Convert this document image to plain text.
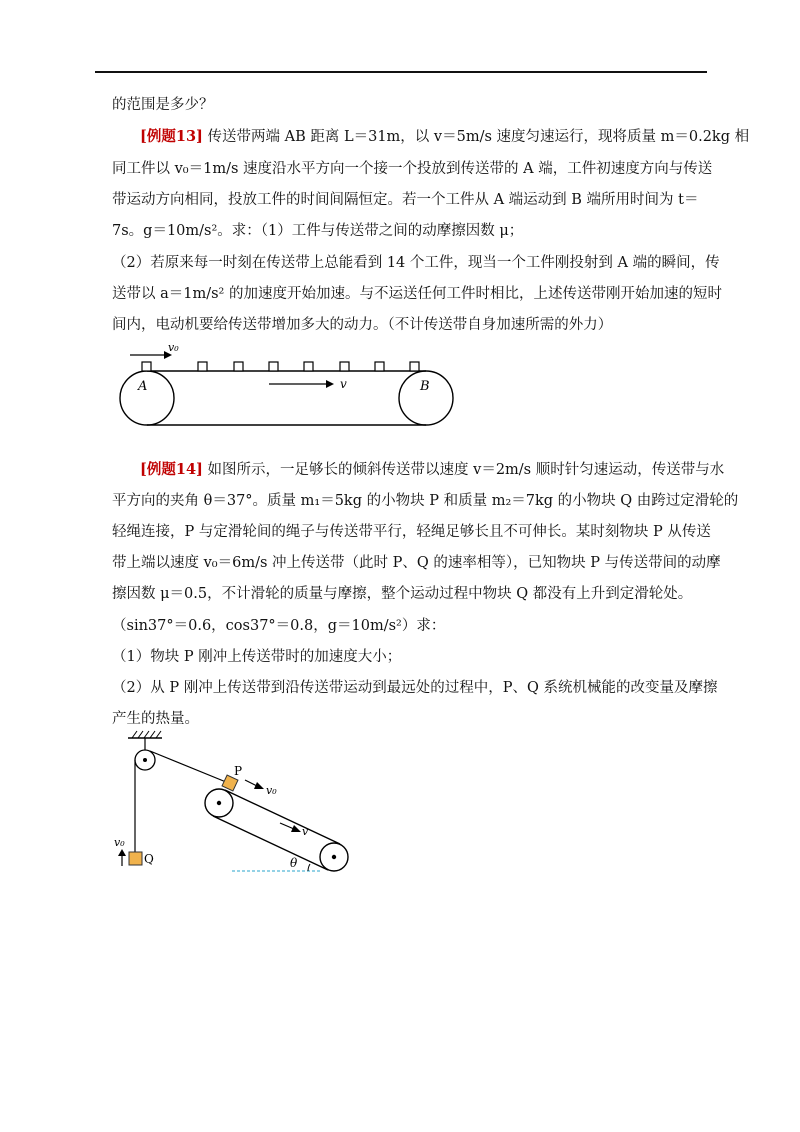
的范围是多少？
[例题13] 传送带两端 AB 距离 L＝31m，以 v＝5m/s 速度匀速运行，现将质量 m＝0.2kg 相
同工件以 v₀＝1m/s 速度沿水平方向一个接一个投放到传送带的 A 端，工件初速度方向与传送
带运动方向相同，投放工件的时间间隔恒定。若一个工件从 A 端运动到 B 端所用时间为 t＝
7s。g＝10m/s²。求：（1）工件与传送带之间的动摩擦因数 μ；
（2）若原来每一时刻在传送带上总能看到 14 个工件，现当一个工件刚投射到 A 端的瞬间，传
送带以 a＝1m/s² 的加速度开始加速。与不运送任何工件时相比，上述传送带刚开始加速的短时
间内，电动机要给传送带增加多大的动力。（不计传送带自身加速所需的外力）
v₀
v
A	B
[例题14] 如图所示，一足够长的倾斜传送带以速度 v＝2m/s 顺时针匀速运动，传送带与水
平方向的夹角 θ＝37°。质量 m₁＝5kg 的小物块 P 和质量 m₂＝7kg 的小物块 Q 由跨过定滑轮的
轻绳连接，P 与定滑轮间的绳子与传送带平行，轻绳足够长且不可伸长。某时刻物块 P 从传送
带上端以速度 v₀＝6m/s 冲上传送带（此时 P、Q 的速率相等），已知物块 P 与传送带间的动摩
擦因数 μ＝0.5，不计滑轮的质量与摩擦，整个运动过程中物块 Q 都没有上升到定滑轮处。
（sin37°＝0.6，cos37°＝0.8，g＝10m/s²）求：
（1）物块 P 刚冲上传送带时的加速度大小；
（2）从 P 刚冲上传送带到沿传送带运动到最远处的过程中，P、Q 系统机械能的改变量及摩擦
产生的热量。
P
v₀
v
θ
Q
v₀
